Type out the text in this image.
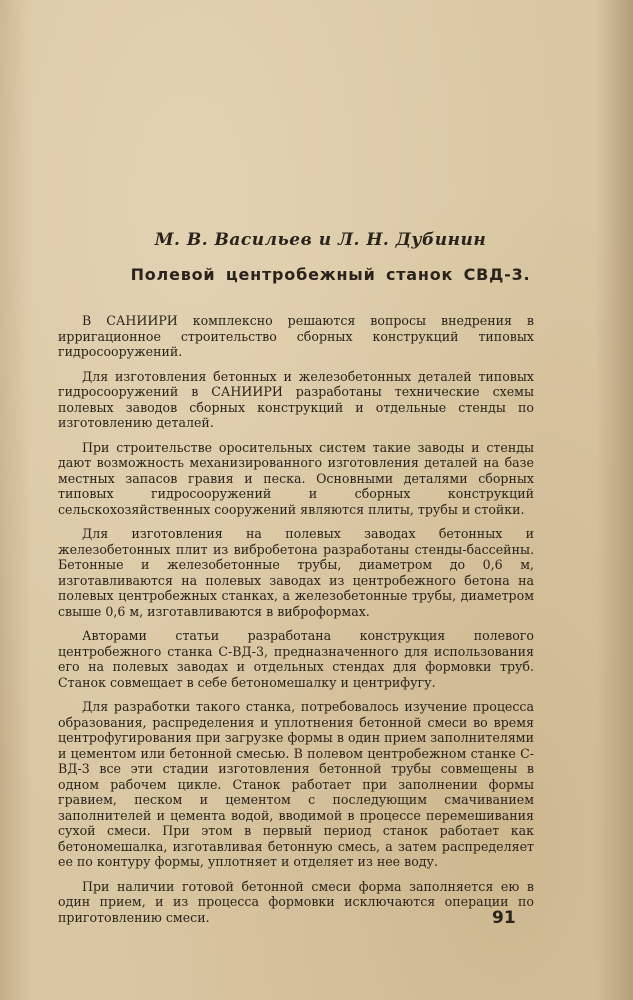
М. В. Васильев и Л. Н. Дубинин
Полевой центробежный станок СВД-3.

В САНИИРИ комплексно решаются вопросы внедрения в ирригационное строительство сборных конструкций типовых гидросооружений.

Для изготовления бетонных и железобетонных деталей типовых гидросооружений в САНИИРИ разработаны технические схемы полевых заводов сборных конструкций и отдельные стенды по изготовлению деталей.

При строительстве оросительных систем такие заводы и стенды дают возможность механизированного изготовления деталей на базе местных запасов гравия и песка. Основными деталями сборных типовых гидросооружений и сборных конструкций сельскохозяйственных сооружений являются плиты, трубы и стойки.

Для изготовления на полевых заводах бетонных и железобетонных плит из вибробетона разработаны стенды-бассейны. Бетонные и железобетонные трубы, диаметром до 0,6 м, изготавливаются на полевых заводах из центробежного бетона на полевых центробежных станках, а железобетонные трубы, диаметром свыше 0,6 м, изготавливаются в виброформах.

Авторами статьи разработана конструкция полевого центробежного станка С-ВД-3, предназначенного для использования его на полевых заводах и отдельных стендах для формовки труб. Станок совмещает в себе бетономешалку и центрифугу.

Для разработки такого станка, потребовалось изучение процесса образования, распределения и уплотнения бетонной смеси во время центрофугирования при загрузке формы в один прием заполнителями и цементом или бетонной смесью. В полевом центробежном станке С-ВД-3 все эти стадии изготовления бетонной трубы совмещены в одном рабочем цикле. Станок работает при заполнении формы гравием, песком и цементом с последующим смачиванием заполнителей и цемента водой, вводимой в процессе перемешивания сухой смеси. При этом в первый период станок работает как бетономешалка, изготавливая бетонную смесь, а затем распределяет ее по контуру формы, уплотняет и отделяет из нее воду.

При наличии готовой бетонной смеси форма заполняется ею в один прием, и из процесса формовки исключаются операции по приготовлению смеси.	91
